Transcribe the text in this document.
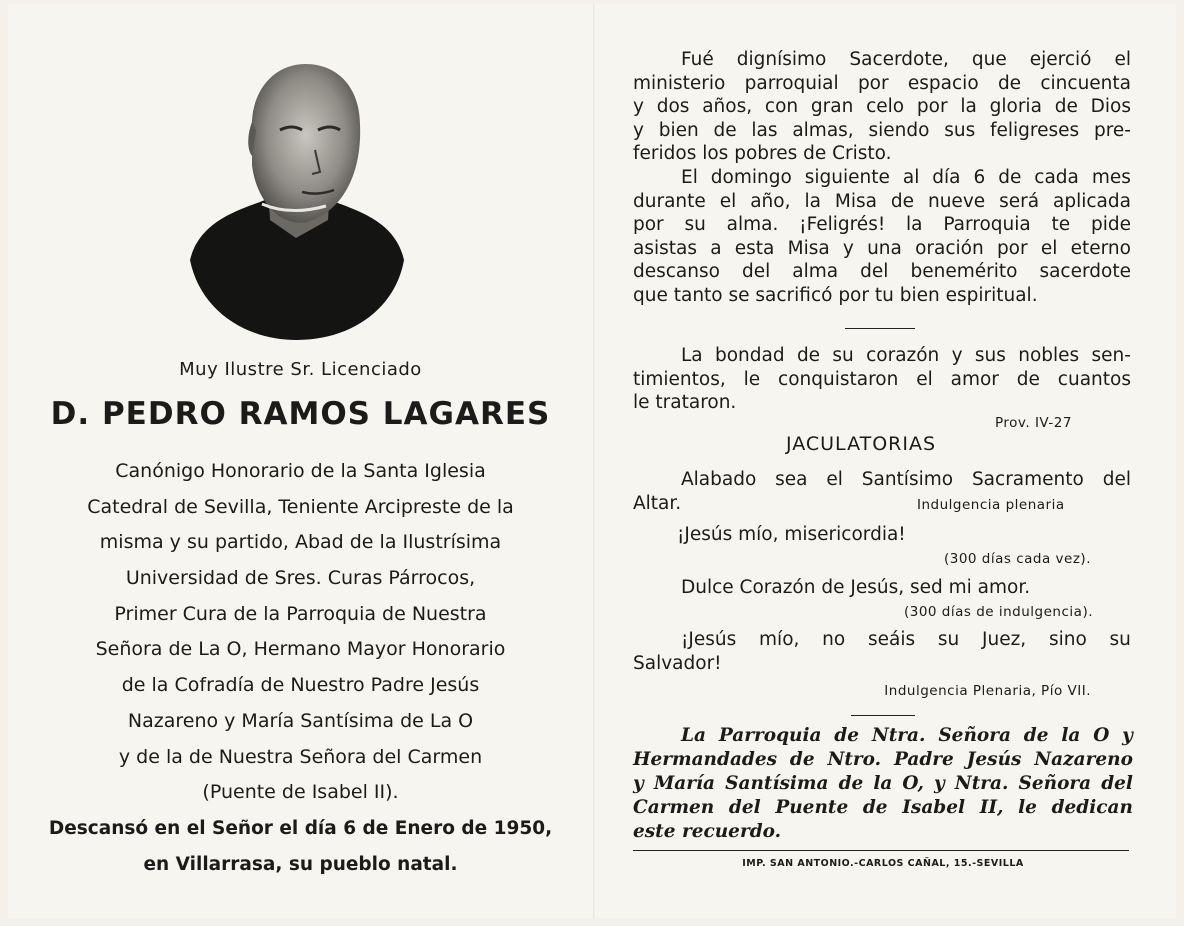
Muy Ilustre Sr. Licenciado
D. PEDRO RAMOS LAGARES
Canónigo Honorario de la Santa Iglesia
Catedral de Sevilla, Teniente Arcipreste de la
misma y su partido, Abad de la Ilustrísima
Universidad de Sres. Curas Párrocos,
Primer Cura de la Parroquia de Nuestra
Señora de La O, Hermano Mayor Honorario
de la Cofradía de Nuestro Padre Jesús
Nazareno y María Santísima de La O
y de la de Nuestra Señora del Carmen
(Puente de Isabel II).
Descansó en el Señor el día 6 de Enero de 1950,
en Villarrasa, su pueblo natal.
Fué dignísimo Sacerdote, que ejerció el
ministerio parroquial por espacio de cincuenta
y dos años, con gran celo por la gloria de Dios
y bien de las almas, siendo sus feligreses pre-
feridos los pobres de Cristo.
El domingo siguiente al día 6 de cada mes
durante el año, la Misa de nueve será aplicada
por su alma. ¡Feligrés! la Parroquia te pide
asistas a esta Misa y una oración por el eterno
descanso del alma del benemérito sacerdote
que tanto se sacrificó por tu bien espiritual.
La bondad de su corazón y sus nobles sen-
timientos, le conquistaron el amor de cuantos
le trataron.
Prov. IV-27
JACULATORIAS
Alabado sea el Santísimo Sacramento del
Altar.	Indulgencia plenaria
¡Jesús mío, misericordia!
(300 días cada vez).
Dulce Corazón de Jesús, sed mi amor.
(300 días de indulgencia).
¡Jesús mío, no seáis su Juez, sino su
Salvador!
Indulgencia Plenaria, Pío VII.
La Parroquia de Ntra. Señora de la O y
Hermandades de Ntro. Padre Jesús Nazareno
y María Santísima de la O, y Ntra. Señora del
Carmen del Puente de Isabel II, le dedican
este recuerdo.
IMP. SAN ANTONIO.-CARLOS CAÑAL, 15.-SEVILLA
